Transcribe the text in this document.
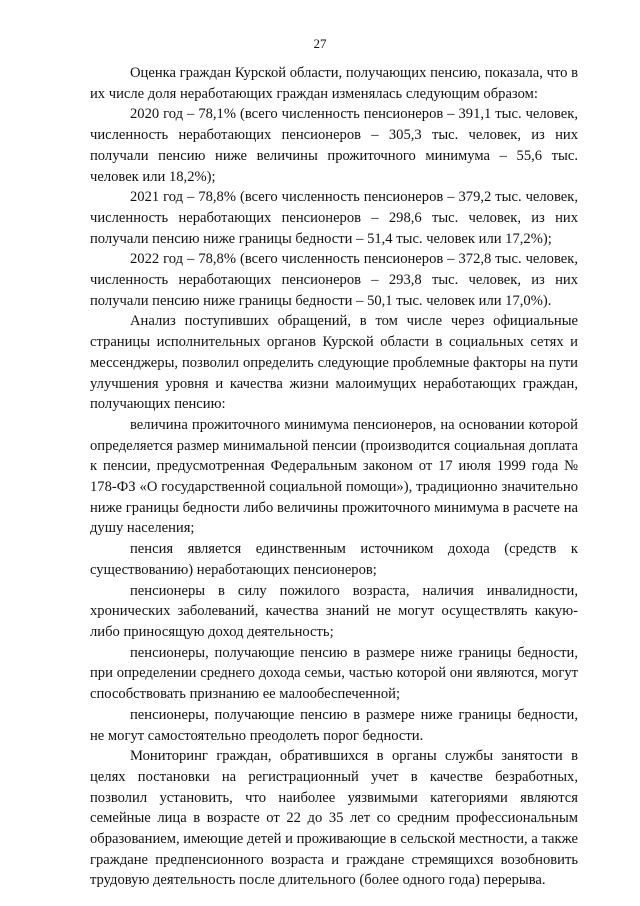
27

Оценка граждан Курской области, получающих пенсию, показала, что в их числе доля неработающих граждан изменялась следующим образом:

2020 год – 78,1% (всего численность пенсионеров – 391,1 тыс. человек, численность неработающих пенсионеров – 305,3 тыс. человек, из них получали пенсию ниже величины прожиточного минимума – 55,6 тыс. человек или 18,2%);

2021 год – 78,8% (всего численность пенсионеров – 379,2 тыс. человек, численность неработающих пенсионеров – 298,6 тыс. человек, из них получали пенсию ниже границы бедности – 51,4 тыс. человек или 17,2%);

2022 год – 78,8% (всего численность пенсионеров – 372,8 тыс. человек, численность неработающих пенсионеров – 293,8 тыс. человек, из них получали пенсию ниже границы бедности – 50,1 тыс. человек или 17,0%).

Анализ поступивших обращений, в том числе через официальные страницы исполнительных органов Курской области в социальных сетях и мессенджеры, позволил определить следующие проблемные факторы на пути улучшения уровня и качества жизни малоимущих неработающих граждан, получающих пенсию:

величина прожиточного минимума пенсионеров, на основании которой определяется размер минимальной пенсии (производится социальная доплата к пенсии, предусмотренная Федеральным законом от 17 июля 1999 года № 178-ФЗ «О государственной социальной помощи»), традиционно значительно ниже границы бедности либо величины прожиточного минимума в расчете на душу населения;

пенсия является единственным источником дохода (средств к существованию) неработающих пенсионеров;

пенсионеры в силу пожилого возраста, наличия инвалидности, хронических заболеваний, качества знаний не могут осуществлять какую-либо приносящую доход деятельность;

пенсионеры, получающие пенсию в размере ниже границы бедности, при определении среднего дохода семьи, частью которой они являются, могут способствовать признанию ее малообеспеченной;

пенсионеры, получающие пенсию в размере ниже границы бедности, не могут самостоятельно преодолеть порог бедности.

Мониторинг граждан, обратившихся в органы службы занятости в целях постановки на регистрационный учет в качестве безработных, позволил установить, что наиболее уязвимыми категориями являются семейные лица в возрасте от 22 до 35 лет со средним профессиональным образованием, имеющие детей и проживающие в сельской местности, а также граждане предпенсионного возраста и граждане стремящихся возобновить трудовую деятельность после длительного (более одного года) перерыва.
